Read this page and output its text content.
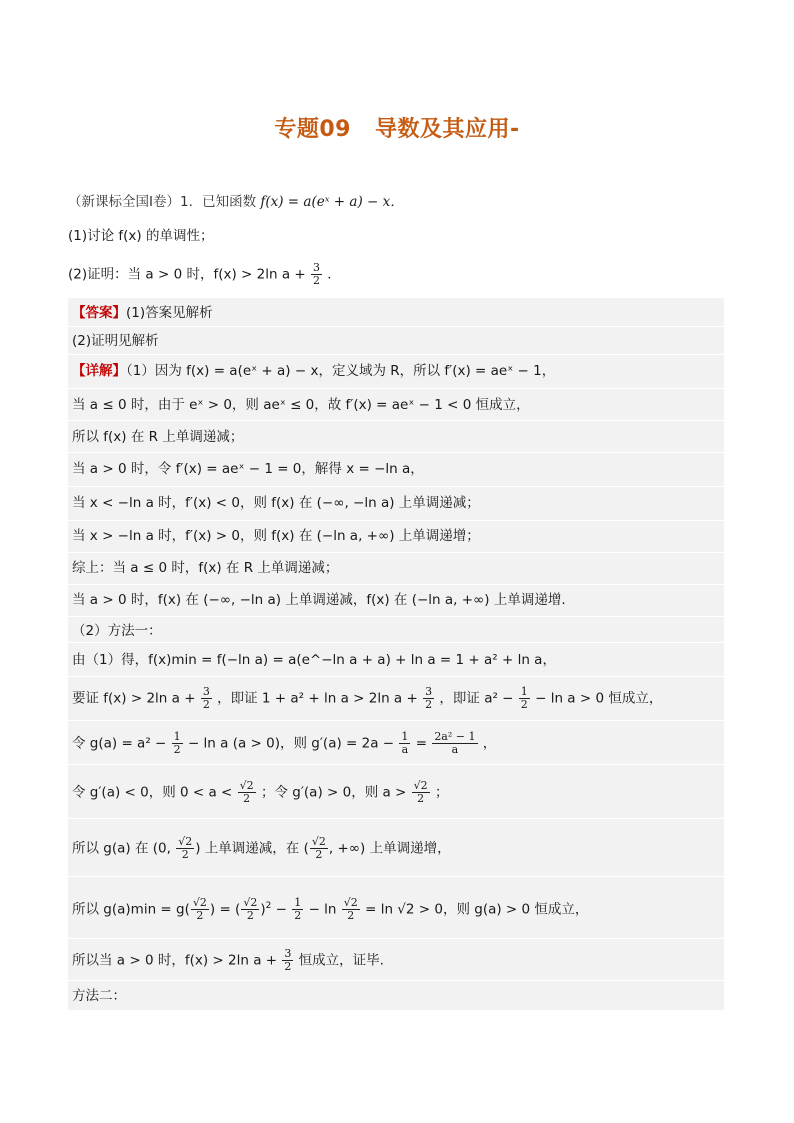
专题09 导数及其应用-
（新课标全国Ⅰ卷）1．已知函数 f(x) = a(eˣ + a) − x．
(1)讨论 f(x) 的单调性；
(2)证明：当 a > 0 时，f(x) > 2ln $a + \frac{3}{2}$ ．
【答案】(1)答案见解析
(2)证明见解析
【详解】（1）因为 f(x) = a(eˣ + a) − x，定义域为 R，所以 f′(x) = aeˣ − 1，
当 a ≤ 0 时，由于 eˣ > 0，则 aeˣ ≤ 0，故 f′(x) = aeˣ − 1 < 0 恒成立，
所以 f(x) 在 R 上单调递减；
当 a > 0 时，令 f′(x) = aeˣ − 1 = 0，解得 x = −ln a，
当 x < −ln a 时，f′(x) < 0，则 f(x) 在 (−∞, −ln a) 上单调递减；
当 x > −ln a 时，f′(x) > 0，则 f(x) 在 (−ln a, +∞) 上单调递增；
综上：当 a ≤ 0 时，f(x) 在 R 上单调递减；
当 a > 0 时，f(x) 在 (−∞, −ln a) 上单调递减，f(x) 在 (−ln a, +∞) 上单调递增.
（2）方法一：
由（1）得，f(x)min = f(−ln a) = a(e^−ln a + a) + ln a = 1 + a² + ln a，
要证 f(x) > 2ln $a + \frac{3}{2}$ ，即证 1 + a² + ln a > 2ln $a + \frac{3}{2}$ ，即证 $a^2 - \frac{1}{2} - \ln a > 0$ 恒成立，
令 $g(a) = a^2 - \frac{1}{2} - \ln a$ (a > 0)，则 $g'(a) = 2a - \frac{1}{a} = \frac{\text{2a² − 1}}{a}$ ，
令 g′(a) < 0，则 $0 < a < \frac{√2}{2}$ ；令 g′(a) > 0，则 $a > \frac{√2}{2}$ ；
所以 g(a) 在 (0, $\frac{√2}{2}$ ) 上单调递减，在 ( $\frac{√2}{2}$ , +∞) 上单调递增，
所以 $g(a)\min = g( \frac{√2}{2}$ ) = ( $\frac{√2}{2} )^2 - \frac{1}{2} - \ln \frac{√2}{2} = \ln √2 > 0$，则 g(a) > 0 恒成立，
所以当 a > 0 时，f(x) > 2ln $a + \frac{3}{2}$ 恒成立，证毕.
方法二：
